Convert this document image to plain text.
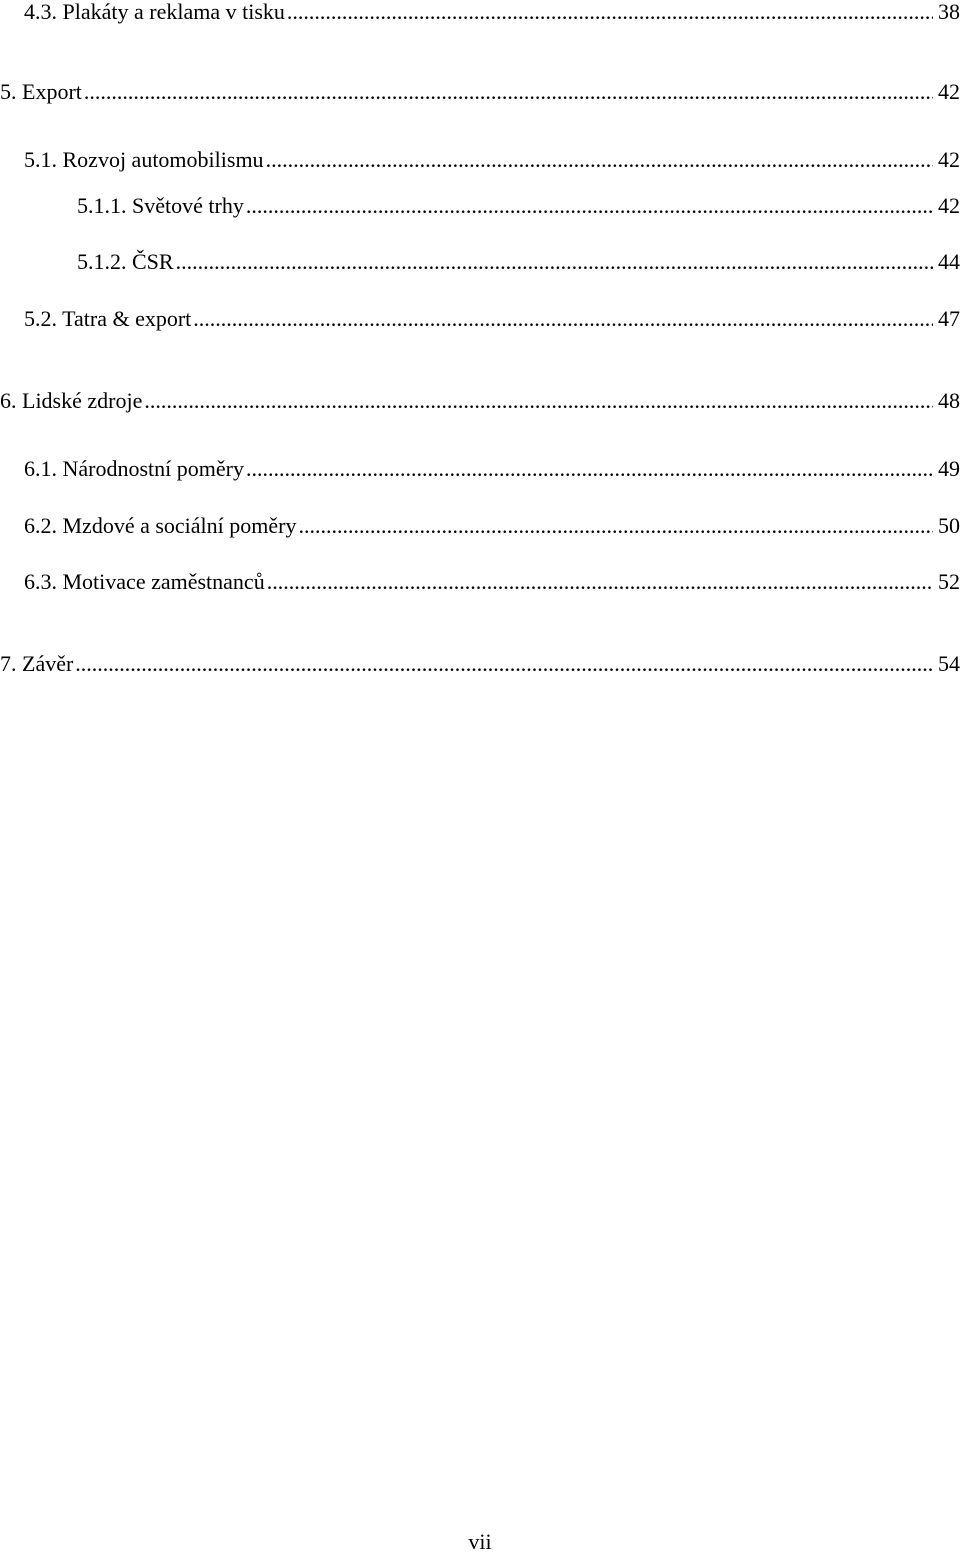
4.3. Plakáty a reklama v tisku .....	38
5. Export .....	42
5.1. Rozvoj automobilismu .....	42
5.1.1. Světové trhy .....	42
5.1.2. ČSR .....	44
5.2. Tatra & export .....	47
6. Lidské zdroje .....	48
6.1. Národnostní poměry .....	49
6.2. Mzdové a sociální poměry .....	50
6.3. Motivace zaměstnanců .....	52
7. Závěr .....	54
vii
